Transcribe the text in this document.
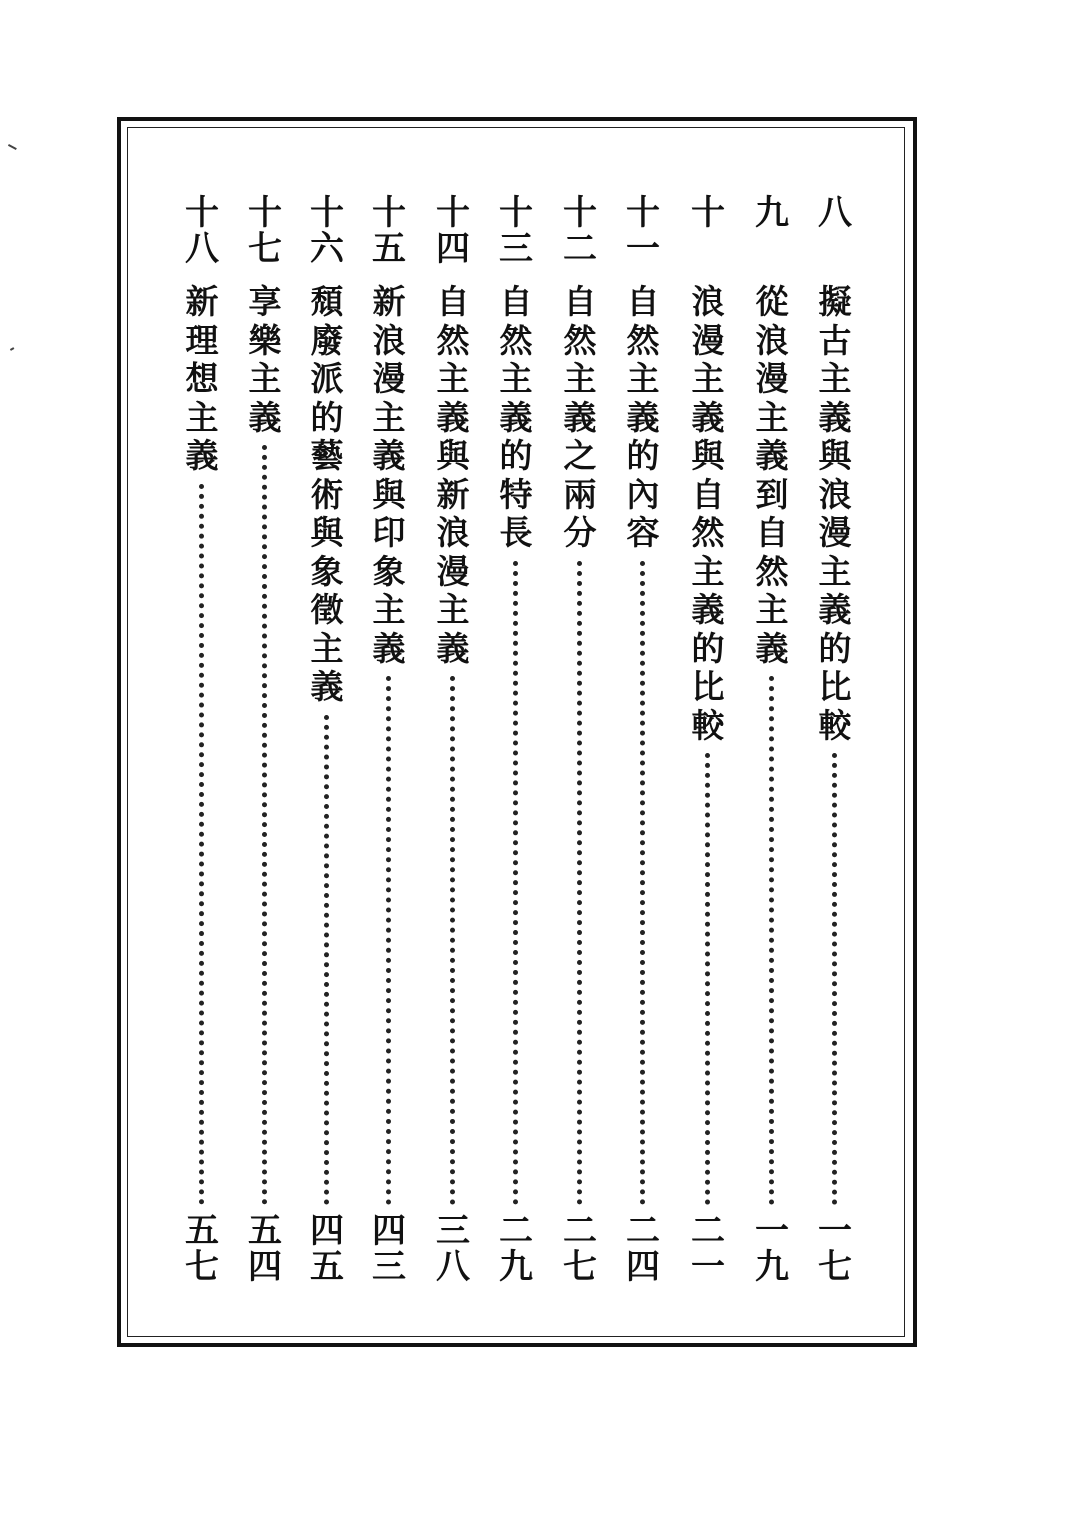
八
擬
古
主
義
與
浪
漫
主
義
的
比
較
一
七
九
從
浪
漫
主
義
到
自
然
主
義
一
九
十
浪
漫
主
義
與
自
然
主
義
的
比
較
二
一
十
一
自
然
主
義
的
內
容
二
四
十
二
自
然
主
義
之
兩
分
二
七
十
三
自
然
主
義
的
特
長
二
九
十
四
自
然
主
義
與
新
浪
漫
主
義
三
八
十
五
新
浪
漫
主
義
與
印
象
主
義
四
三
十
六
頹
廢
派
的
藝
術
與
象
徵
主
義
四
五
十
七
享
樂
主
義
五
四
十
八
新
理
想
主
義
五
七
